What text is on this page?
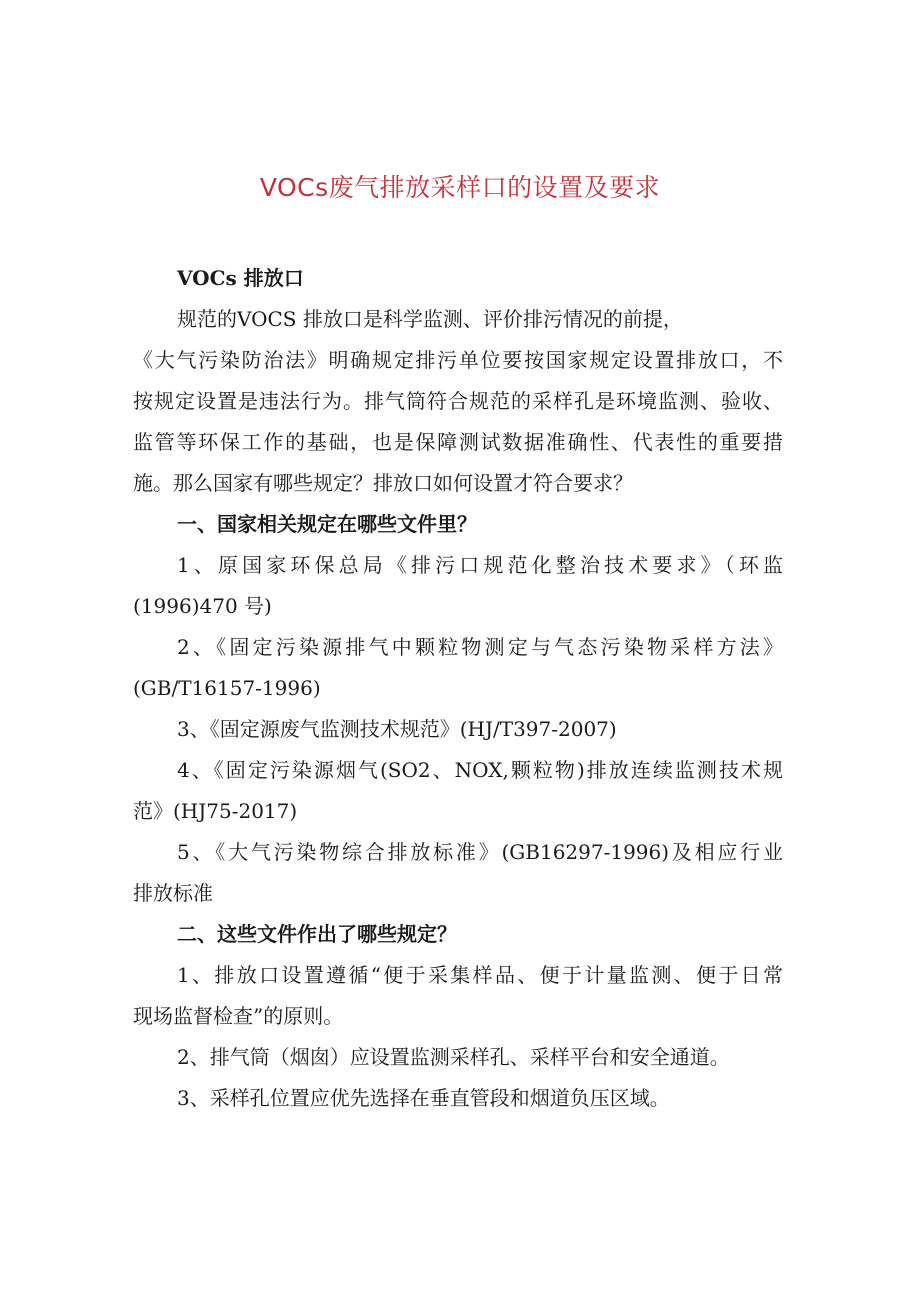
VOCs废气排放采样口的设置及要求
VOCs 排放口
规范的VOCS 排放口是科学监测、评价排污情况的前提，
《大气污染防治法》明确规定排污单位要按国家规定设置排放口，不
按规定设置是违法行为。排气筒符合规范的采样孔是环境监测、验收、
监管等环保工作的基础，也是保障测试数据准确性、代表性的重要措
施。那么国家有哪些规定？排放口如何设置才符合要求？
一、国家相关规定在哪些文件里？
1、原国家环保总局《排污口规范化整治技术要求》（环监
(1996)470 号)
2、《固定污染源排气中颗粒物测定与气态污染物采样方法》
(GB/T16157-1996)
3、《固定源废气监测技术规范》(HJ/T397-2007)
4、《固定污染源烟气(SO2、NOX,颗粒物)排放连续监测技术规
范》(HJ75-2017)
5、《大气污染物综合排放标准》(GB16297-1996)及相应行业
排放标准
二、这些文件作出了哪些规定？
1、排放口设置遵循“便于采集样品、便于计量监测、便于日常
现场监督检查”的原则。
2、排气筒（烟囱）应设置监测采样孔、采样平台和安全通道。
3、采样孔位置应优先选择在垂直管段和烟道负压区域。
